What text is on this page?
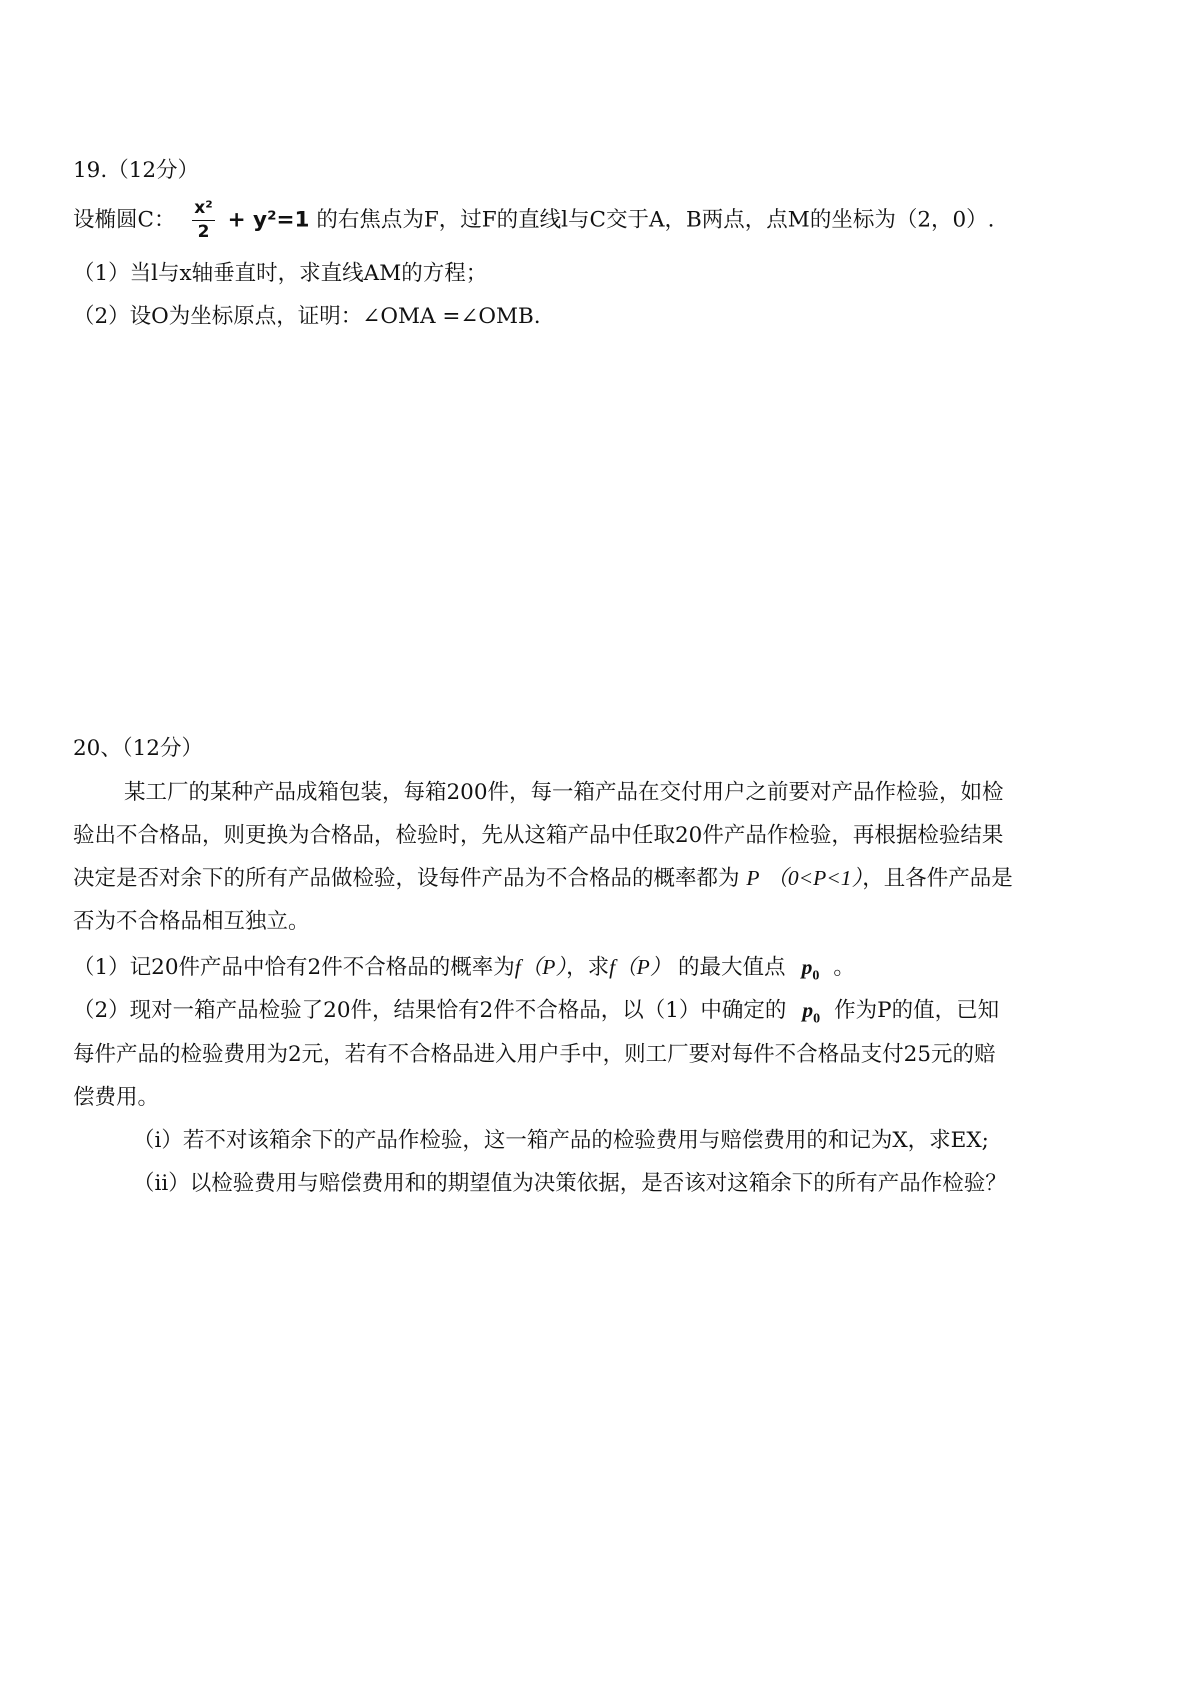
19.（12分）
设椭圆C： $\frac{\text{x²}}{2} + y^2=1$ 的右焦点为F，过F的直线l与C交于A，B两点，点M的坐标为（2，0）.
（1）当l与x轴垂直时，求直线AM的方程；
（2）设O为坐标原点，证明：∠OMA =∠OMB.
20、（12分）
某工厂的某种产品成箱包装，每箱200件，每一箱产品在交付用户之前要对产品作检验，如检
验出不合格品，则更换为合格品，检验时，先从这箱产品中任取20件产品作检验，再根据检验结果
决定是否对余下的所有产品做检验，设每件产品为不合格品的概率都为 P （0<P<1），且各件产品是
否为不合格品相互独立。
（1）记20件产品中恰有2件不合格品的概率为f（P），求f（P） 的最大值点 $p_0$ 。
（2）现对一箱产品检验了20件，结果恰有2件不合格品，以（1）中确定的 $p_0$ 作为P的值，已知
每件产品的检验费用为2元，若有不合格品进入用户手中，则工厂要对每件不合格品支付25元的赔
偿费用。
（i）若不对该箱余下的产品作检验，这一箱产品的检验费用与赔偿费用的和记为X，求EX;
（ii）以检验费用与赔偿费用和的期望值为决策依据，是否该对这箱余下的所有产品作检验？
